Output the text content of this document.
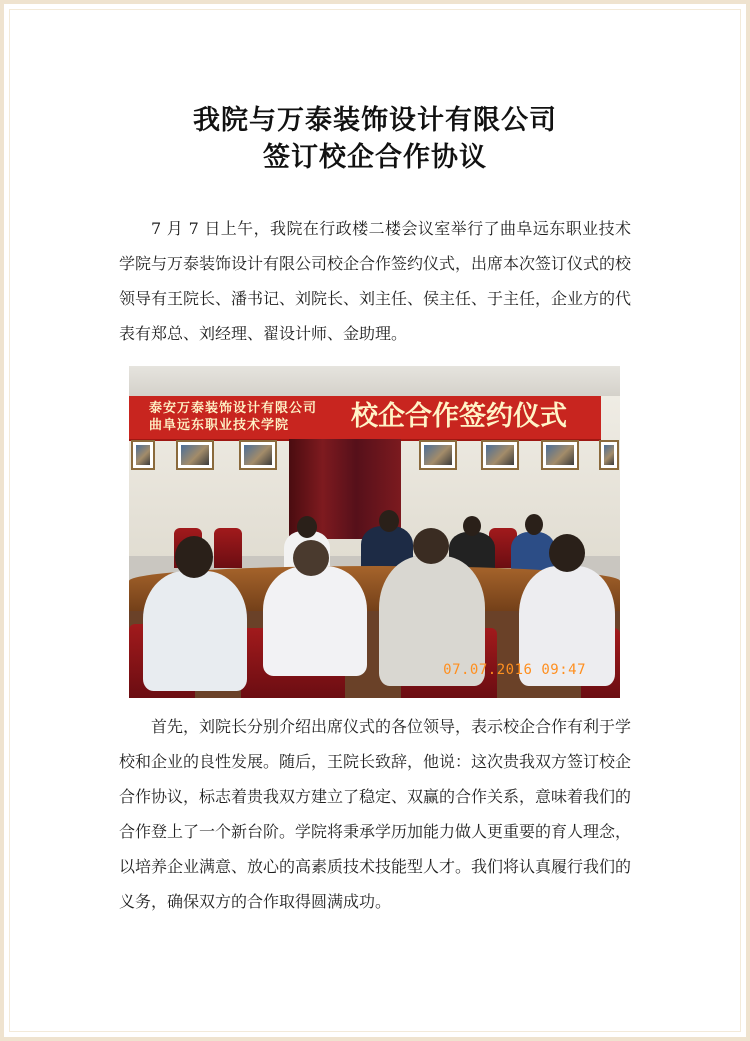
我院与万泰装饰设计有限公司
签订校企合作协议
7 月 7 日上午，我院在行政楼二楼会议室举行了曲阜远东职业技术学院与万泰装饰设计有限公司校企合作签约仪式，出席本次签订仪式的校领导有王院长、潘书记、刘院长、刘主任、侯主任、于主任，企业方的代表有郑总、刘经理、翟设计师、金助理。
泰安万泰装饰设计有限公司
曲阜远东职业技术学院	校企合作签约仪式
07.07.2016 09:47
首先，刘院长分别介绍出席仪式的各位领导，表示校企合作有利于学校和企业的良性发展。随后，王院长致辞，他说：这次贵我双方签订校企合作协议，标志着贵我双方建立了稳定、双赢的合作关系，意味着我们的合作登上了一个新台阶。学院将秉承学历加能力做人更重要的育人理念，以培养企业满意、放心的高素质技术技能型人才。我们将认真履行我们的义务，确保双方的合作取得圆满成功。
